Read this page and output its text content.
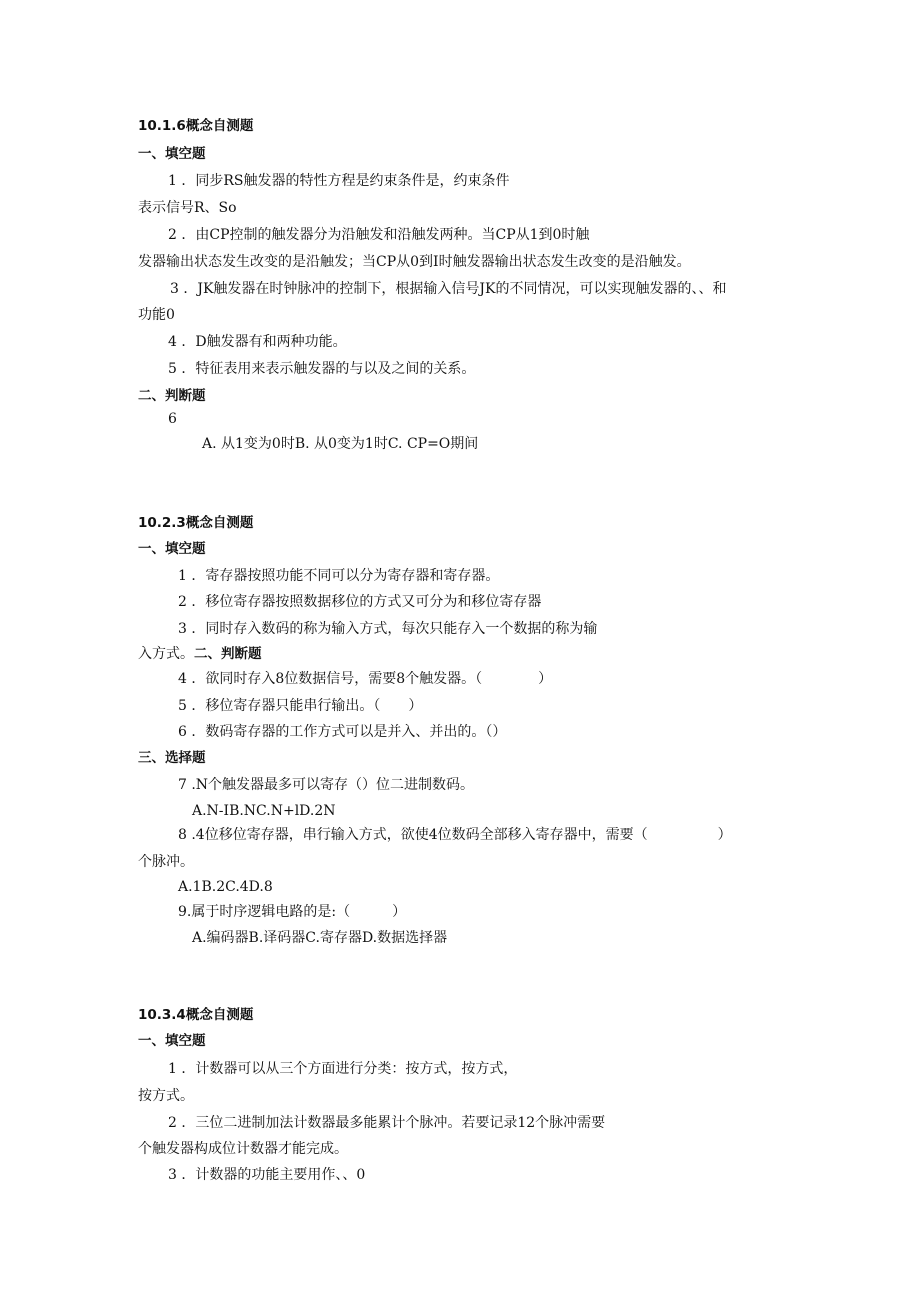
10.1.6概念自测题
一、填空题
1 ．同步RS触发器的特性方程是约束条件是，约束条件
表示信号R、So
2 ．由CP控制的触发器分为沿触发和沿触发两种。当CP从1到0时触
发器输出状态发生改变的是沿触发；当CP从0到I时触发器输出状态发生改变的是沿触发。
3 ．JK触发器在时钟脉冲的控制下，根据输入信号JK的不同情况，可以实现触发器的、、和
功能0
4 ．D触发器有和两种功能。
5 ．特征表用来表示触发器的与以及之间的关系。
二、判断题
6
A. 从1变为0时B. 从0变为1时C. CP=O期间
10.2.3概念自测题
一、填空题
1 ．寄存器按照功能不同可以分为寄存器和寄存器。
2 ．移位寄存器按照数据移位的方式又可分为和移位寄存器
3 ．同时存入数码的称为输入方式，每次只能存入一个数据的称为输
入方式。二、判断题
4 ．欲同时存入8位数据信号，需要8个触发器。（　　　　）
5 ．移位寄存器只能串行输出。（　　）
6 ．数码寄存器的工作方式可以是并入、并出的。（）
三、选择题
7 .N个触发器最多可以寄存（）位二进制数码。
A.N-IB.NC.N+lD.2N
8 .4位移位寄存器，串行输入方式，欲使4位数码全部移入寄存器中，需要（　　　　　）
个脉冲。
A.1B.2C.4D.8
9.属于时序逻辑电路的是:（　　　）
A.编码器B.译码器C.寄存器D.数据选择器
10.3.4概念自测题
一、填空题
1 ．计数器可以从三个方面进行分类：按方式，按方式，
按方式。
2 ．三位二进制加法计数器最多能累计个脉冲。若要记录12个脉冲需要
个触发器构成位计数器才能完成。
3 ．计数器的功能主要用作、、0
